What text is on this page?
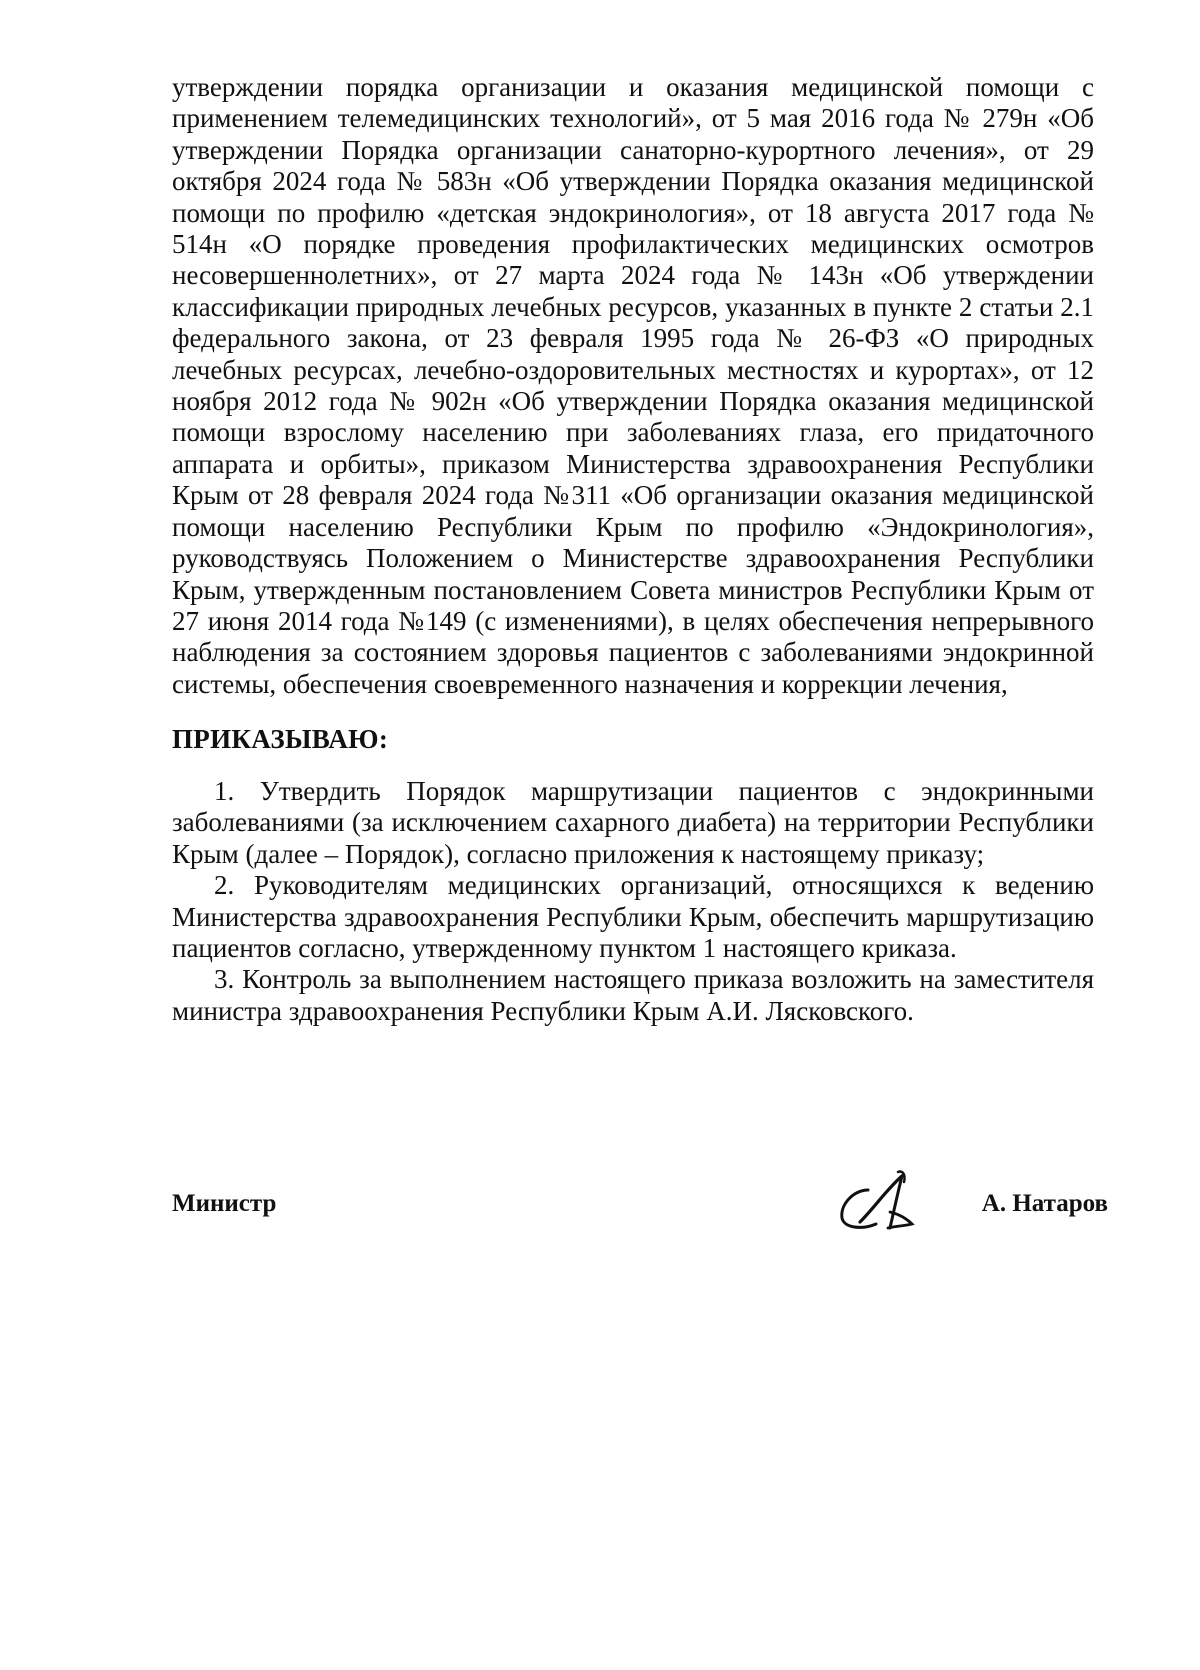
утверждении порядка организации и оказания медицинской помощи с применением телемедицинских технологий», от 5 мая 2016 года № 279н «Об утверждении Порядка организации санаторно-курортного лечения», от 29 октября 2024 года № 583н «Об утверждении Порядка оказания медицинской помощи по профилю «детская эндокринология», от 18 августа 2017 года № 514н «О порядке проведения профилактических медицинских осмотров несовершеннолетних», от 27 марта 2024 года № 143н «Об утверждении классификации природных лечебных ресурсов, указанных в пункте 2 статьи 2.1 федерального закона, от 23 февраля 1995 года № 26-ФЗ «О природных лечебных ресурсах, лечебно-оздоровительных местностях и курортах», от 12 ноября 2012 года № 902н «Об утверждении Порядка оказания медицинской помощи взрослому населению при заболеваниях глаза, его придаточного аппарата и орбиты», приказом Министерства здравоохранения Республики Крым от 28 февраля 2024 года №311 «Об организации оказания медицинской помощи населению Республики Крым по профилю «Эндокринология», руководствуясь Положением о Министерстве здравоохранения Республики Крым, утвержденным постановлением Совета министров Республики Крым от 27 июня 2014 года №149 (с изменениями), в целях обеспечения непрерывного наблюдения за состоянием здоровья пациентов с заболеваниями эндокринной системы, обеспечения своевременного назначения и коррекции лечения,

ПРИКАЗЫВАЮ:

1. Утвердить Порядок маршрутизации пациентов с эндокринными заболеваниями (за исключением сахарного диабета) на территории Республики Крым (далее – Порядок), согласно приложения к настоящему приказу;
2. Руководителям медицинских организаций, относящихся к ведению Министерства здравоохранения Республики Крым, обеспечить маршрутизацию пациентов согласно, утвержденному пунктом 1 настоящего криказа.
3. Контроль за выполнением настоящего приказа возложить на заместителя министра здравоохранения Республики Крым А.И. Лясковского.

Министр	А. Натаров
